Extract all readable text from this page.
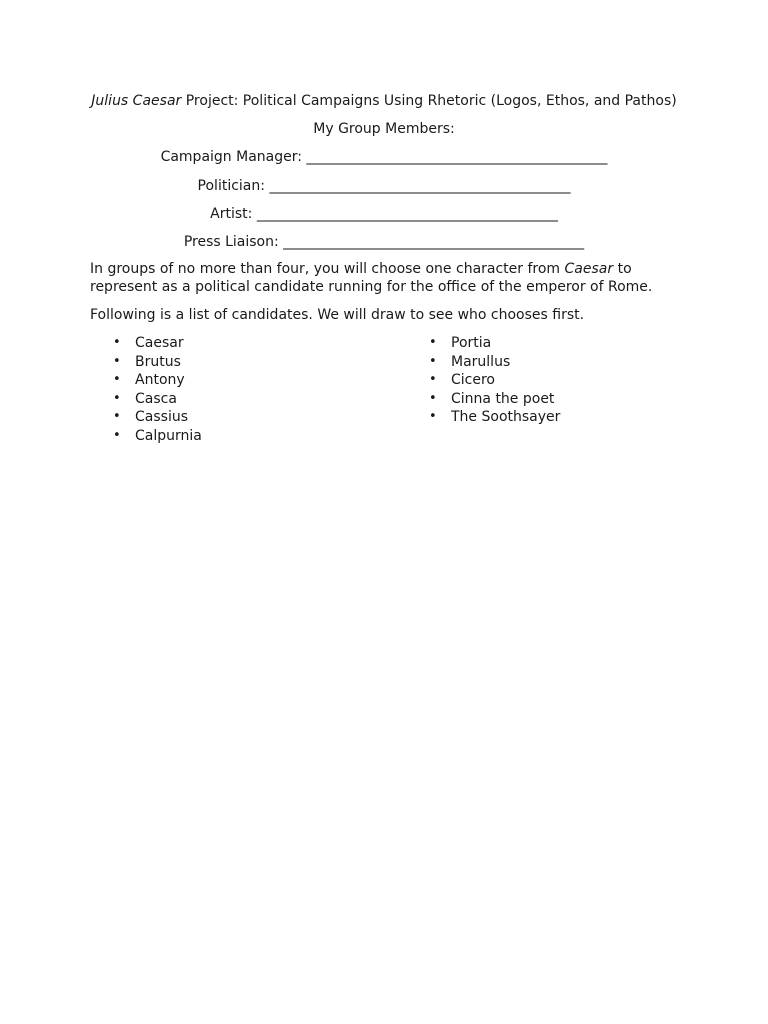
Julius Caesar Project: Political Campaigns Using Rhetoric (Logos, Ethos, and Pathos)
My Group Members:
Campaign Manager: ___________________________________________
Politician: ___________________________________________
Artist: ___________________________________________
Press Liaison: ___________________________________________

In groups of no more than four, you will choose one character from Caesar to represent as a political candidate running for the office of the emperor of Rome.

Following is a list of candidates. We will draw to see who chooses first.

• Caesar
• Brutus
• Antony
• Casca
• Cassius
• Calpurnia
• Portia
• Marullus
• Cicero
• Cinna the poet
• The Soothsayer
